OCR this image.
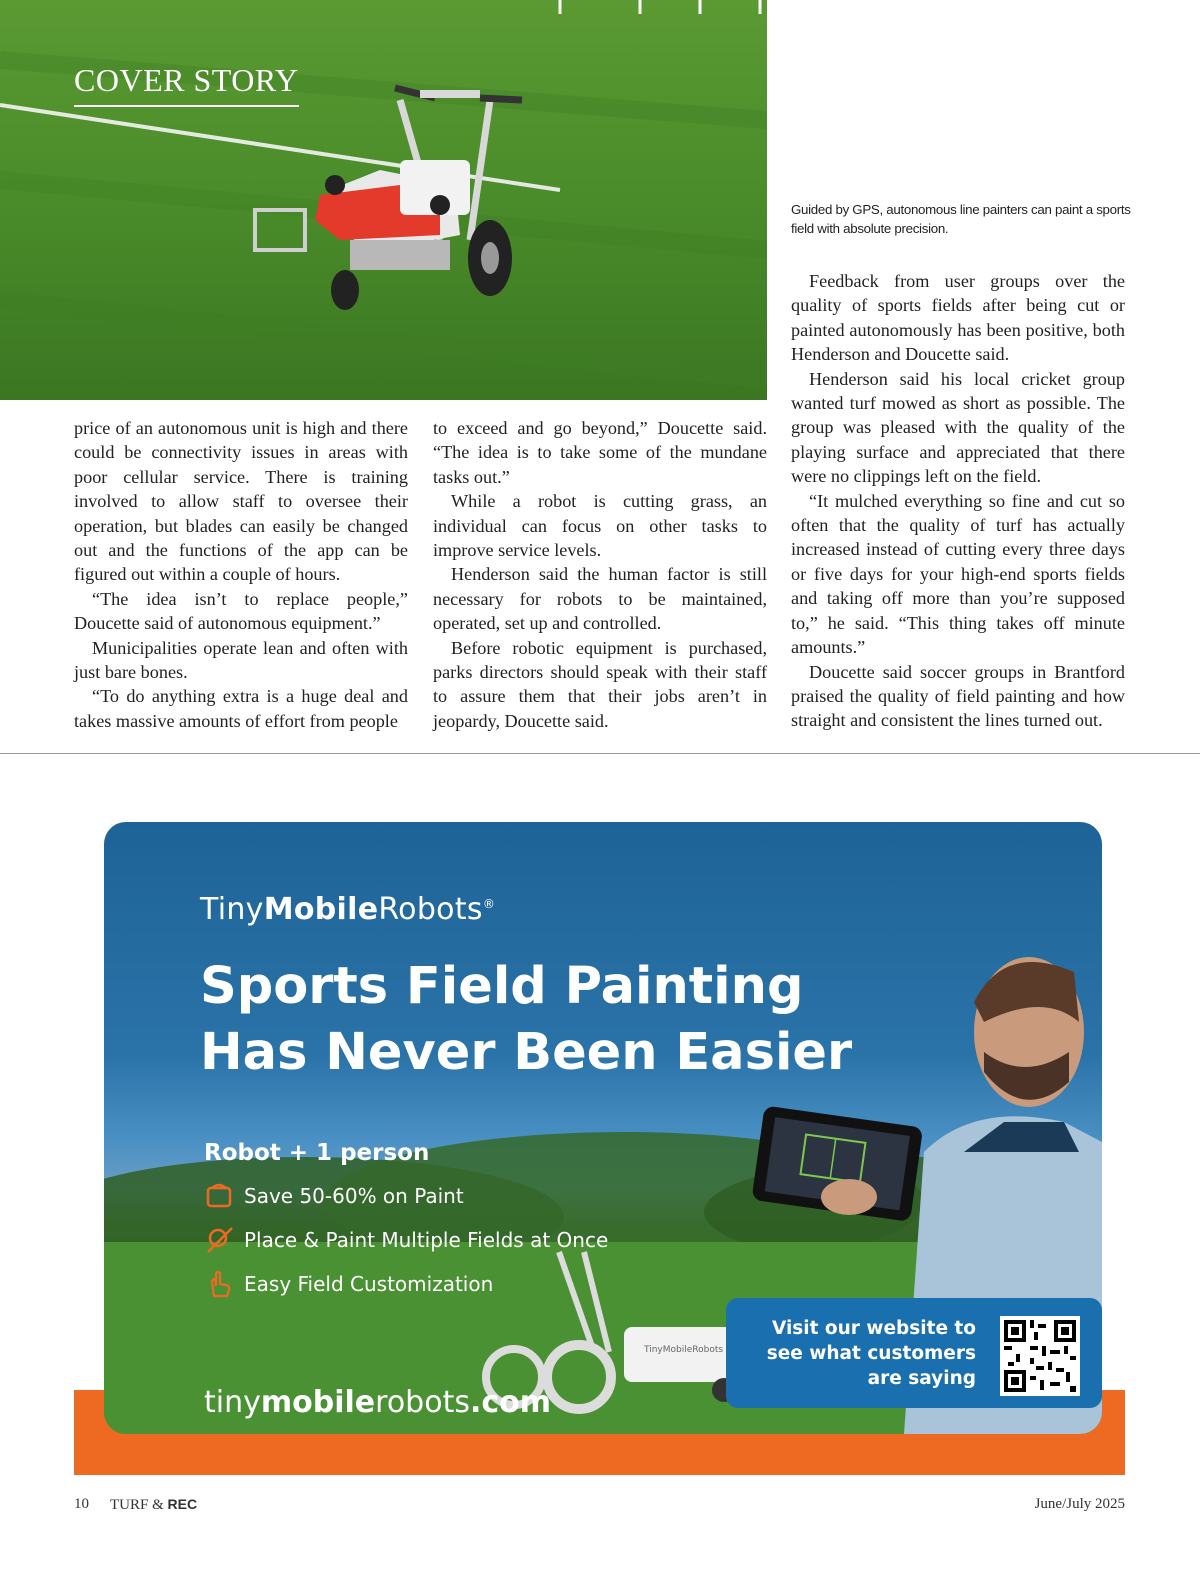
COVER STORY
Guided by GPS, autonomous line painters can paint a sports field with absolute precision.

price of an autonomous unit is high and there could be connectivity issues in areas with poor cellular service. There is training involved to allow staff to oversee their operation, but blades can easily be changed out and the functions of the app can be figured out within a couple of hours.

“The idea isn’t to replace people,” Doucette said of autonomous equipment.”

Municipalities operate lean and often with just bare bones.

“To do anything extra is a huge deal and takes massive amounts of effort from people

to exceed and go beyond,” Doucette said. “The idea is to take some of the mundane tasks out.”

While a robot is cutting grass, an individual can focus on other tasks to improve service levels.

Henderson said the human factor is still necessary for robots to be maintained, operated, set up and controlled.

Before robotic equipment is purchased, parks directors should speak with their staff to assure them that their jobs aren’t in jeopardy, Doucette said.

Feedback from user groups over the quality of sports fields after being cut or painted autonomously has been positive, both Henderson and Doucette said.

Henderson said his local cricket group wanted turf mowed as short as possible. The group was pleased with the quality of the playing surface and appreciated that there were no clippings left on the field.

“It mulched everything so fine and cut so often that the quality of turf has actually increased instead of cutting every three days or five days for your high-end sports fields and taking off more than you’re supposed to,” he said. “This thing takes off minute amounts.”

Doucette said soccer groups in Brantford praised the quality of field painting and how straight and consistent the lines turned out.

TinyMobileRobots
TinyMobileRobots®
Sports Field Painting
Has Never Been Easier
Robot + 1 person
Save 50-60% on Paint
Place & Paint Multiple Fields at Once
Easy Field Customization
tinymobilerobots.com
Visit our website to
see what customers
are saying
10 TURF & REC	June/July 2025
